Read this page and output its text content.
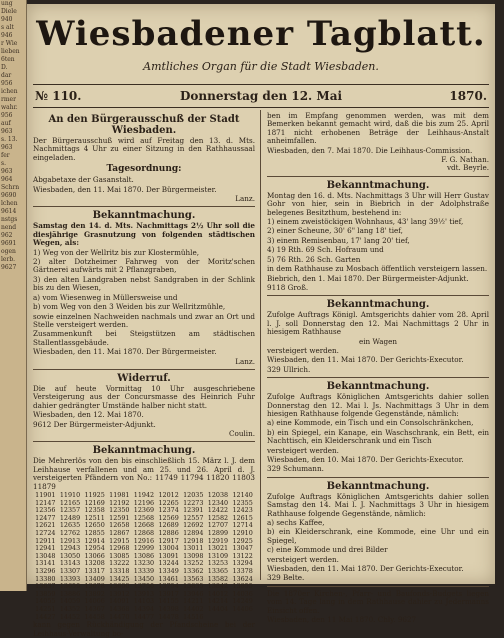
ung
Diele
940
s alt
946
r Wie
lieben
6ten
D.
dar
956
ichen
rmer
wahr.
956
auf
963
s. 13.
963
fer
s.
963
964
Schrn
9690
lchen
9614
nstgs
nend
962
9691
ogen
lerb.
9627
Wiesbadener Tagblatt.
Amtliches Organ für die Stadt Wiesbaden.
№ 110.	Donnerstag den 12. Mai	1870.
An den Bürgerausschuß der Stadt Wiesbaden.
Der Bürgerausschuß wird auf Freitag den 13. d. Mts. Nachmittags 4 Uhr zu einer Sitzung in den Rathhaussaal eingeladen.
Tagesordnung:
Abgabetaxe der Gasanstalt.
Wiesbaden, den 11. Mai 1870. Der Bürgermeister.
Lanz.
Bekanntmachung.
Samstag den 14. d. Mts. Nachmittags 2½ Uhr soll die diesjährige Grasnutzung von folgenden städtischen Wegen, als:
1) Weg von der Wellritz bis zur Klostermühle,
2) alter Dotzheimer Fahrweg von der Moritz'schen Gärtnerei aufwärts mit 2 Pflanzgraben,
3) den alten Landgraben nebst Sandgraben in der Schlink bis zu den Wiesen,
a) vom Wiesenweg in Müllersweise und
b) vom Weg von den 3 Weiden bis zur Wellritzmühle,
sowie einzelnen Nachweiden nachmals und zwar an Ort und Stelle versteigert werden.
Zusammenkunft bei Steigstützen am städtischen Stallentlassgebäude.
Wiesbaden, den 11. Mai 1870. Der Bürgermeister.
Lanz.
Widerruf.
Die auf heute Vormittag 10 Uhr ausgeschriebene Versteigerung aus der Concursmasse des Heinrich Fuhr dahier gedrängter Umstände halber nicht statt.
Wiesbaden, den 12. Mai 1870.
9612 Der Bürgermeister-Adjunkt.
Coulin.
Bekanntmachung.
Die Mehrerlös von den bis einschließlich 15. März l. J. dem Leihhause verfallenen und am 25. und 26. April d. J. versteigerten Pfändern von No.: 11749 11794 11820 11803 11879
11901	11910	11925	11981	11942	12012	12035	12038	12140
12147	12165	12169	12192	12196	12265	12273	12340	12355
12356	12357	12358	12350	12369	12374	12391	12422	12423
12477	12489	12511	12591	12568	12569	12557	12582	12615
12621	12635	12650	12658	12668	12689	12692	12707	12714
12724	12762	12855	12867	12868	12886	12894	12899	12910
12911	12913	12914	12915	12916	12917	12918	12919	12925
12941	12943	12954	12968	12999	13004	13011	13021	13047
13048	13050	13066	13085	13086	13091	13098	13109	13122
13141	13143	13208	13222	13230	13244	13252	13253	13294
13296	13307	13317	13318	13339	13349	13362	13365	13378
13380	13393	13409	13425	13450	13461	13563	13582	13624
13637	13659	13678	13690	13750	13754	13835	13842	13855
13859	13886	13892	13912	13913	13917	13946	14012	14036
14055	14059	14066	14091	14103	14155	14211	14214	14249
14251	14352	14367	14368	14394	14398	14402	14404	14406
14427	14452	14458	14470	14477	14478	14516		
kann gegen Rückhändigung der Pfandscheine bei der Leihhaus-Verwaltung bo-
ben im Empfang genommen werden, was mit dem Bemerken bekannt gemacht wird, daß die bis zum 25. April 1871 nicht erhobenen Beträge der Leihhaus-Anstalt anheimfallen.
Wiesbaden, den 7. Mai 1870. Die Leihhaus-Commission.
F. G. Nathan.
vdt. Beyrle.
Bekanntmachung.
Montag den 16. d. Mts. Nachmittags 3 Uhr will Herr Gustav Gohr von hier, sein in Biebrich in der Adolphstraße belegenes Besitzthum, bestehend in:
1) einem zweistöckigen Wohnhaus, 43' lang 39½' tief,
2) einer Scheune, 30' 6" lang 18' tief,
3) einem Remisenbau, 17' lang 20' tief,
4) 19 Rth. 69 Sch. Hofraum und
5) 76 Rth. 26 Sch. Garten
in dem Rathhause zu Mosbach öffentlich versteigern lassen.
Biebrich, den 1. Mai 1870. Der Bürgermeister-Adjunkt.
9118 Groß.
Bekanntmachung.
Zufolge Auftrags Königl. Amtsgerichts dahier vom 28. April l. J. soll Donnerstag den 12. Mai Nachmittags 2 Uhr in hiesigem Rathhause
ein Wagen
versteigert werden.
Wiesbaden, den 11. Mai 1870. Der Gerichts-Executor.
329 Ullrich.
Bekanntmachung.
Zufolge Auftrags Königlichen Amtsgerichts dahier sollen Donnerstag den 12. Mai l. Js. Nachmittags 3 Uhr in dem hiesigen Rathhause folgende Gegenstände, nämlich:
a) eine Kommode, ein Tisch und ein Consolschränkchen,
b) ein Spiegel, ein Kanape, ein Waschschrank, ein Bett, ein Nachttisch, ein Kleiderschrank und ein Tisch
versteigert werden.
Wiesbaden, den 10. Mai 1870. Der Gerichts-Executor.
329 Schumann.
Bekanntmachung.
Zufolge Auftrags Königlichen Amtsgerichts dahier sollen Samstag den 14. Mai l. J. Nachmittags 3 Uhr in hiesigem Rathhause folgende Gegenstände, nämlich:
a) sechs Kaffee,
b) ein Kleiderschrank, eine Kommode, eine Uhr und ein Spiegel,
c) eine Kommode und drei Bilder
versteigert werden.
Wiesbaden, den 11. Mai 1870. Der Gerichts-Executor.
329 Belte.
Die 1870er Kirchen-, Pfarr- und Baufonds-Budgets liegen vom 14. Tage lang in dem Rathhause dahier zu Jedermanns Einsicht offen.
Wiesbaden, den 11 Mai 1870. Chly. 9627
